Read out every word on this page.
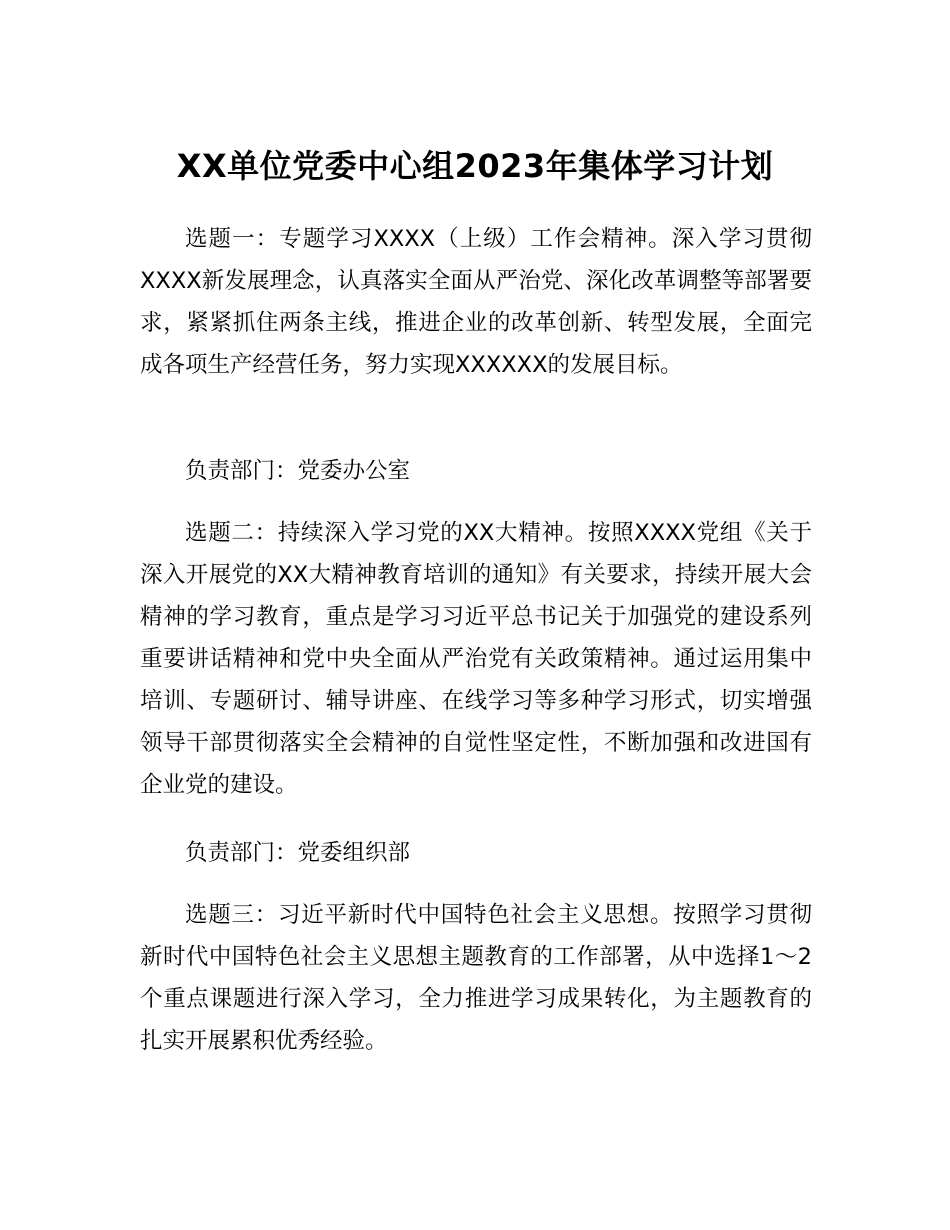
XX单位党委中心组2023年集体学习计划

选题一：专题学习XXXX（上级）工作会精神。深入学习贯彻XXXX新发展理念，认真落实全面从严治党、深化改革调整等部署要求，紧紧抓住两条主线，推进企业的改革创新、转型发展，全面完成各项生产经营任务，努力实现XXXXXX的发展目标。

负责部门：党委办公室

选题二：持续深入学习党的XX大精神。按照XXXX党组《关于深入开展党的XX大精神教育培训的通知》有关要求，持续开展大会精神的学习教育，重点是学习习近平总书记关于加强党的建设系列重要讲话精神和党中央全面从严治党有关政策精神。通过运用集中培训、专题研讨、辅导讲座、在线学习等多种学习形式，切实增强领导干部贯彻落实全会精神的自觉性坚定性，不断加强和改进国有企业党的建设。

负责部门：党委组织部

选题三：习近平新时代中国特色社会主义思想。按照学习贯彻新时代中国特色社会主义思想主题教育的工作部署，从中选择1～2个重点课题进行深入学习，全力推进学习成果转化，为主题教育的扎实开展累积优秀经验。
